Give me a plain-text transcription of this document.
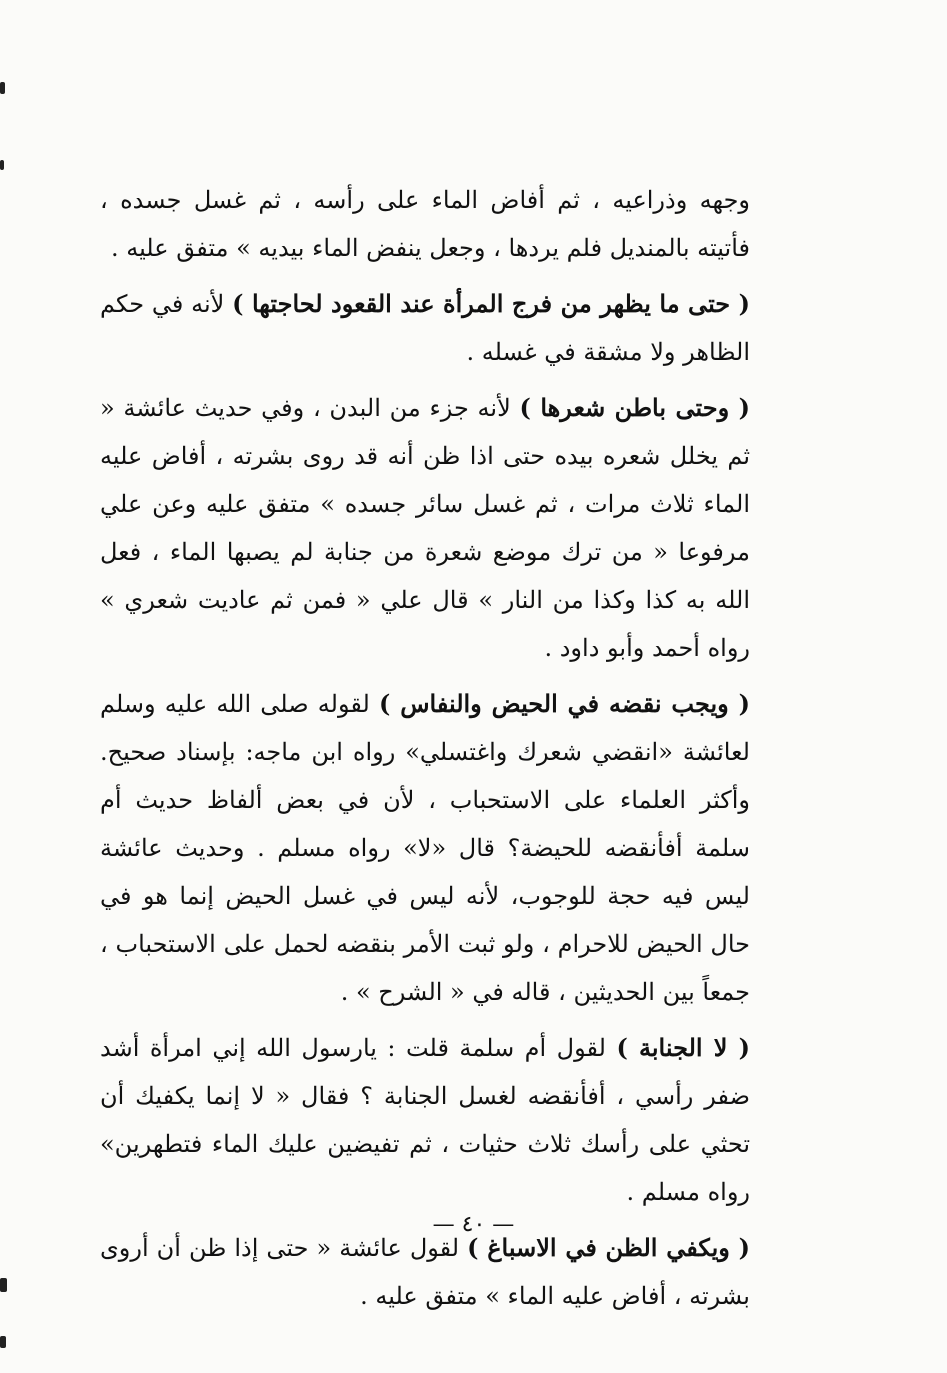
وجهه وذراعيه ، ثم أفاض الماء على رأسه ، ثم غسل جسده ، فأتيته بالمنديل فلم يردها ، وجعل ينفض الماء بيديه » متفق عليه .

( حتى ما يظهر من فرج المرأة عند القعود لحاجتها ) لأنه في حكم الظاهر ولا مشقة في غسله .

( وحتى باطن شعرها ) لأنه جزء من البدن ، وفي حديث عائشة « ثم يخلل شعره بيده حتى اذا ظن أنه قد روى بشرته ، أفاض عليه الماء ثلاث مرات ، ثم غسل سائر جسده » متفق عليه وعن علي مرفوعا « من ترك موضع شعرة من جنابة لم يصبها الماء ، فعل الله به كذا وكذا من النار » قال علي « فمن ثم عاديت شعري » رواه أحمد وأبو داود .

( ويجب نقضه في الحيض والنفاس ) لقوله صلى الله عليه وسلم لعائشة «انقضي شعرك واغتسلي» رواه ابن ماجه: بإسناد صحيح. وأكثر العلماء على الاستحباب ، لأن في بعض ألفاظ حديث أم سلمة أفأنقضه للحيضة؟ قال «لا» رواه مسلم . وحديث عائشة ليس فيه حجة للوجوب، لأنه ليس في غسل الحيض إنما هو في حال الحيض للاحرام ، ولو ثبت الأمر بنقضه لحمل على الاستحباب ، جمعاً بين الحديثين ، قاله في « الشرح » .

( لا الجنابة ) لقول أم سلمة قلت : يارسول الله إني امرأة أشد ضفر رأسي ، أفأنقضه لغسل الجنابة ؟ فقال « لا إنما يكفيك أن تحثي على رأسك ثلاث حثيات ، ثم تفيضين عليك الماء فتطهرين» رواه مسلم .

( ويكفي الظن في الاسباغ ) لقول عائشة « حتى إذا ظن أن أروى بشرته ، أفاض عليه الماء » متفق عليه .

— ٤٠ —
